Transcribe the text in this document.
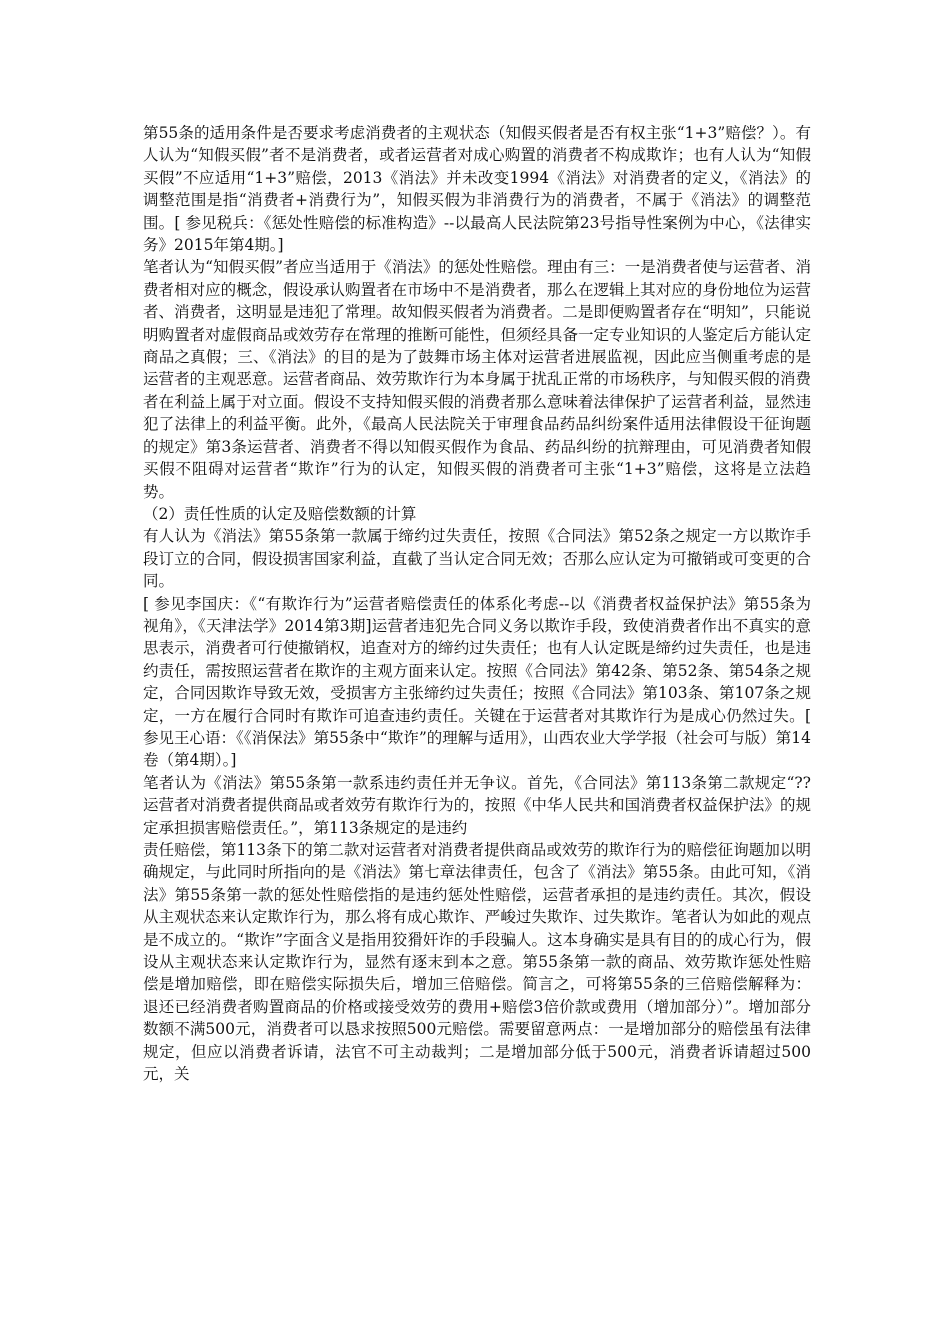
第55条的适用条件是否要求考虑消费者的主观状态（知假买假者是否有权主张“1+3”赔偿？）。有人认为“知假买假”者不是消费者，或者运营者对成心购置的消费者不构成欺诈；也有人认为“知假买假”不应适用“1+3”赔偿，2013《消法》并未改变1994《消法》对消费者的定义，《消法》的调整范围是指“消费者+消费行为”，知假买假为非消费行为的消费者，不属于《消法》的调整范围。[ 参见税兵：《惩处性赔偿的标准构造》--以最高人民法院第23号指导性案例为中心，《法律实务》2015年第4期。]

笔者认为“知假买假”者应当适用于《消法》的惩处性赔偿。理由有三：一是消费者使与运营者、消费者相对应的概念，假设承认购置者在市场中不是消费者，那么在逻辑上其对应的身份地位为运营者、消费者，这明显是违犯了常理。故知假买假者为消费者。二是即便购置者存在“明知”，只能说明购置者对虚假商品或效劳存在常理的推断可能性，但须经具备一定专业知识的人鉴定后方能认定商品之真假；三、《消法》的目的是为了鼓舞市场主体对运营者进展监视，因此应当侧重考虑的是运营者的主观恶意。运营者商品、效劳欺诈行为本身属于扰乱正常的市场秩序，与知假买假的消费者在利益上属于对立面。假设不支持知假买假的消费者那么意味着法律保护了运营者利益，显然违犯了法律上的利益平衡。此外，《最高人民法院关于审理食品药品纠纷案件适用法律假设干征询题的规定》第3条运营者、消费者不得以知假买假作为食品、药品纠纷的抗辩理由，可见消费者知假买假不阻碍对运营者“欺诈”行为的认定，知假买假的消费者可主张“1+3”赔偿，这将是立法趋势。

（2）责任性质的认定及赔偿数额的计算

有人认为《消法》第55条第一款属于缔约过失责任，按照《合同法》第52条之规定一方以欺诈手段订立的合同，假设损害国家利益，直截了当认定合同无效；否那么应认定为可撤销或可变更的合同。

[ 参见李国庆：《“有欺诈行为”运营者赔偿责任的体系化考虑--以《消费者权益保护法》第55条为视角》，《天津法学》2014第3期]运营者违犯先合同义务以欺诈手段，致使消费者作出不真实的意思表示，消费者可行使撤销权，追查对方的缔约过失责任；也有人认定既是缔约过失责任，也是违约责任，需按照运营者在欺诈的主观方面来认定。按照《合同法》第42条、第52条、第54条之规定，合同因欺诈导致无效，受损害方主张缔约过失责任；按照《合同法》第103条、第107条之规定，一方在履行合同时有欺诈可追查违约责任。关键在于运营者对其欺诈行为是成心仍然过失。[ 参见王心语：《《消保法》第55条中“欺诈”的理解与适用》，山西农业大学学报（社会可与版）第14卷（第4期）。]

笔者认为《消法》第55条第一款系违约责任并无争议。首先，《合同法》第113条第二款规定“??运营者对消费者提供商品或者效劳有欺诈行为的，按照《中华人民共和国消费者权益保护法》的规定承担损害赔偿责任。”，第113条规定的是违约

责任赔偿，第113条下的第二款对运营者对消费者提供商品或效劳的欺诈行为的赔偿征询题加以明确规定，与此同时所指向的是《消法》第七章法律责任，包含了《消法》第55条。由此可知，《消法》第55条第一款的惩处性赔偿指的是违约惩处性赔偿，运营者承担的是违约责任。其次，假设从主观状态来认定欺诈行为，那么将有成心欺诈、严峻过失欺诈、过失欺诈。笔者认为如此的观点是不成立的。“欺诈”字面含义是指用狡猾奸诈的手段骗人。这本身确实是具有目的的成心行为，假设从主观状态来认定欺诈行为，显然有逐末到本之意。第55条第一款的商品、效劳欺诈惩处性赔偿是增加赔偿，即在赔偿实际损失后，增加三倍赔偿。简言之，可将第55条的三倍赔偿解释为：退还已经消费者购置商品的价格或接受效劳的费用+赔偿3倍价款或费用（增加部分）”。增加部分数额不满500元，消费者可以恳求按照500元赔偿。需要留意两点：一是增加部分的赔偿虽有法律规定，但应以消费者诉请，法官不可主动裁判；二是增加部分低于500元，消费者诉请超过500元，关
